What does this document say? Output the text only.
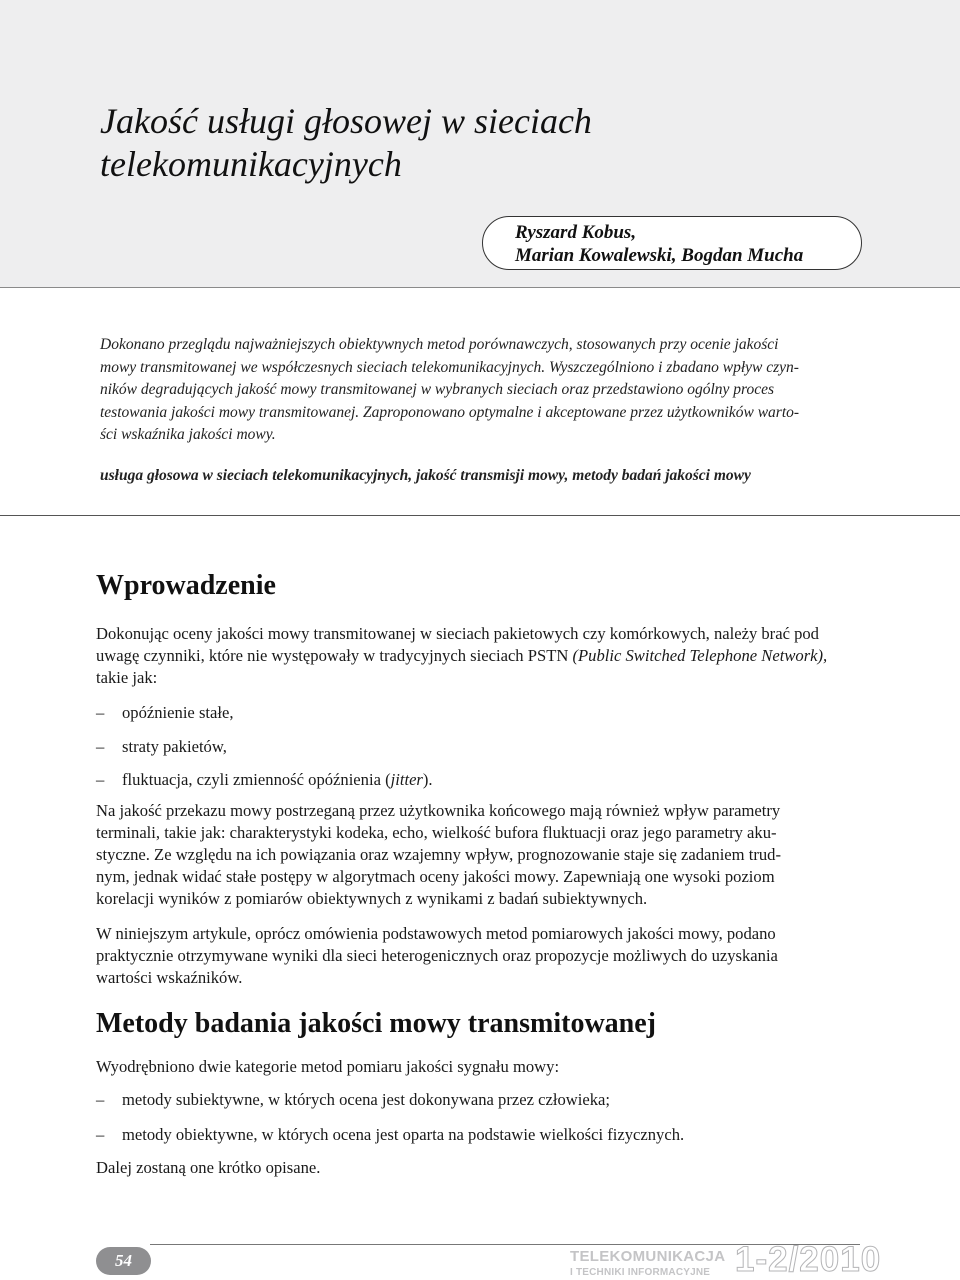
Jakość usługi głosowej w sieciach
telekomunikacyjnych
Ryszard Kobus,
Marian Kowalewski, Bogdan Mucha

Dokonano przeglądu najważniejszych obiektywnych metod porównawczych, stosowanych przy ocenie jakości
mowy transmitowanej we współczesnych sieciach telekomunikacyjnych. Wyszczególniono i zbadano wpływ czyn-
ników degradujących jakość mowy transmitowanej w wybranych sieciach oraz przedstawiono ogólny proces
testowania jakości mowy transmitowanej. Zaproponowano optymalne i akceptowane przez użytkowników warto-
ści wskaźnika jakości mowy.

usługa głosowa w sieciach telekomunikacyjnych, jakość transmisji mowy, metody badań jakości mowy

Wprowadzenie

Dokonując oceny jakości mowy transmitowanej w sieciach pakietowych czy komórkowych, należy brać pod
uwagę czynniki, które nie występowały w tradycyjnych sieciach PSTN (Public Switched Telephone Network),
takie jak:

– opóźnienie stałe,

– straty pakietów,

– fluktuacja, czyli zmienność opóźnienia (jitter).

Na jakość przekazu mowy postrzeganą przez użytkownika końcowego mają również wpływ parametry
terminali, takie jak: charakterystyki kodeka, echo, wielkość bufora fluktuacji oraz jego parametry aku-
styczne. Ze względu na ich powiązania oraz wzajemny wpływ, prognozowanie staje się zadaniem trud-
nym, jednak widać stałe postępy w algorytmach oceny jakości mowy. Zapewniają one wysoki poziom
korelacji wyników z pomiarów obiektywnych z wynikami z badań subiektywnych.

W niniejszym artykule, oprócz omówienia podstawowych metod pomiarowych jakości mowy, podano
praktycznie otrzymywane wyniki dla sieci heterogenicznych oraz propozycje możliwych do uzyskania
wartości wskaźników.

Metody badania jakości mowy transmitowanej

Wyodrębniono dwie kategorie metod pomiaru jakości sygnału mowy:

– metody subiektywne, w których ocena jest dokonywana przez człowieka;

– metody obiektywne, w których ocena jest oparta na podstawie wielkości fizycznych.

Dalej zostaną one krótko opisane.

54	TELEKOMUNIKACJA
I TECHNIKI INFORMACYJNE 1-2/2010
